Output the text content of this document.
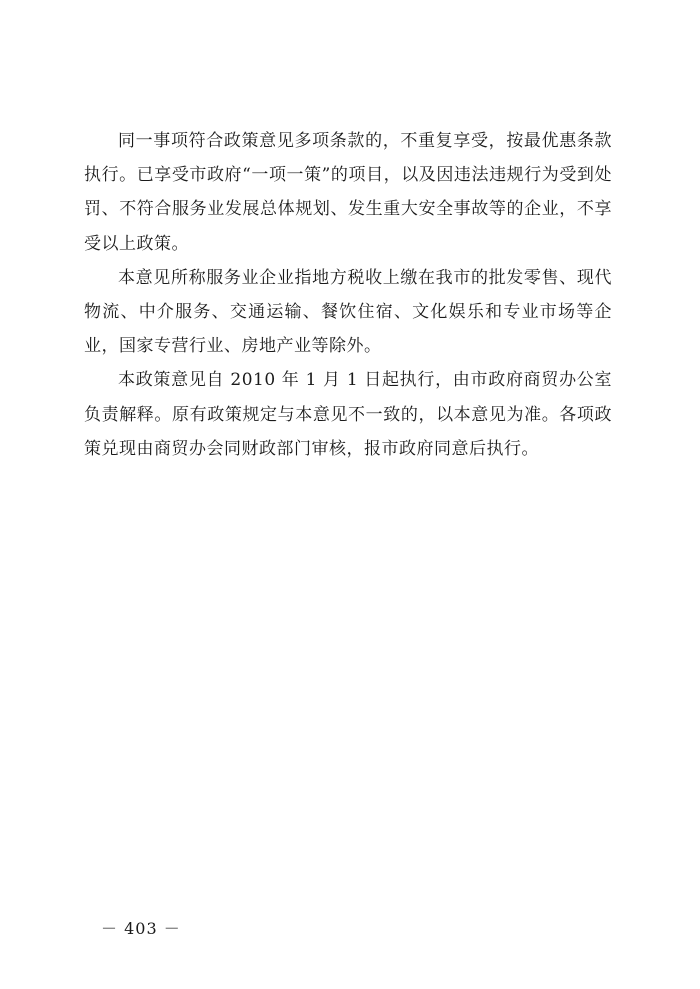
同一事项符合政策意见多项条款的，不重复享受，按最优惠条款执行。已享受市政府“一项一策”的项目，以及因违法违规行为受到处罚、不符合服务业发展总体规划、发生重大安全事故等的企业，不享受以上政策。

本意见所称服务业企业指地方税收上缴在我市的批发零售、现代物流、中介服务、交通运输、餐饮住宿、文化娱乐和专业市场等企业，国家专营行业、房地产业等除外。

本政策意见自 2010 年 1 月 1 日起执行，由市政府商贸办公室负责解释。原有政策规定与本意见不一致的，以本意见为准。各项政策兑现由商贸办会同财政部门审核，报市政府同意后执行。

－ 403 －
